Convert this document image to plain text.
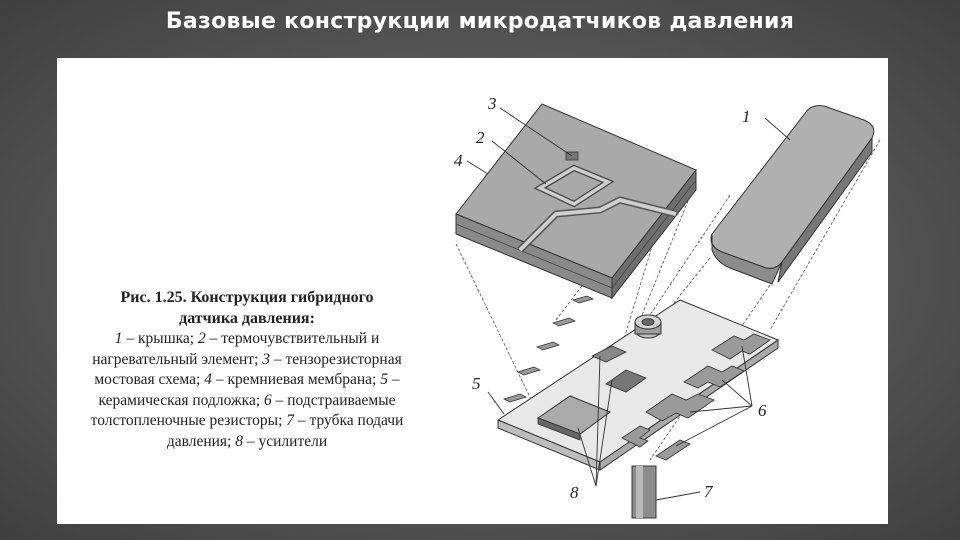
Базовые конструкции микродатчиков давления
Рис. 1.25. Конструкция гибридного
датчика давления:
1 – крышка; 2 – термочувствительный и нагревательный элемент; 3 – тензорезисторная мостовая схема; 4 – кремниевая мембрана; 5 – керамическая подложка; 6 – подстраиваемые толстопленочные резисторы; 7 – трубка подачи давления; 8 – усилители
1
3
2
4
5
6
7
8
